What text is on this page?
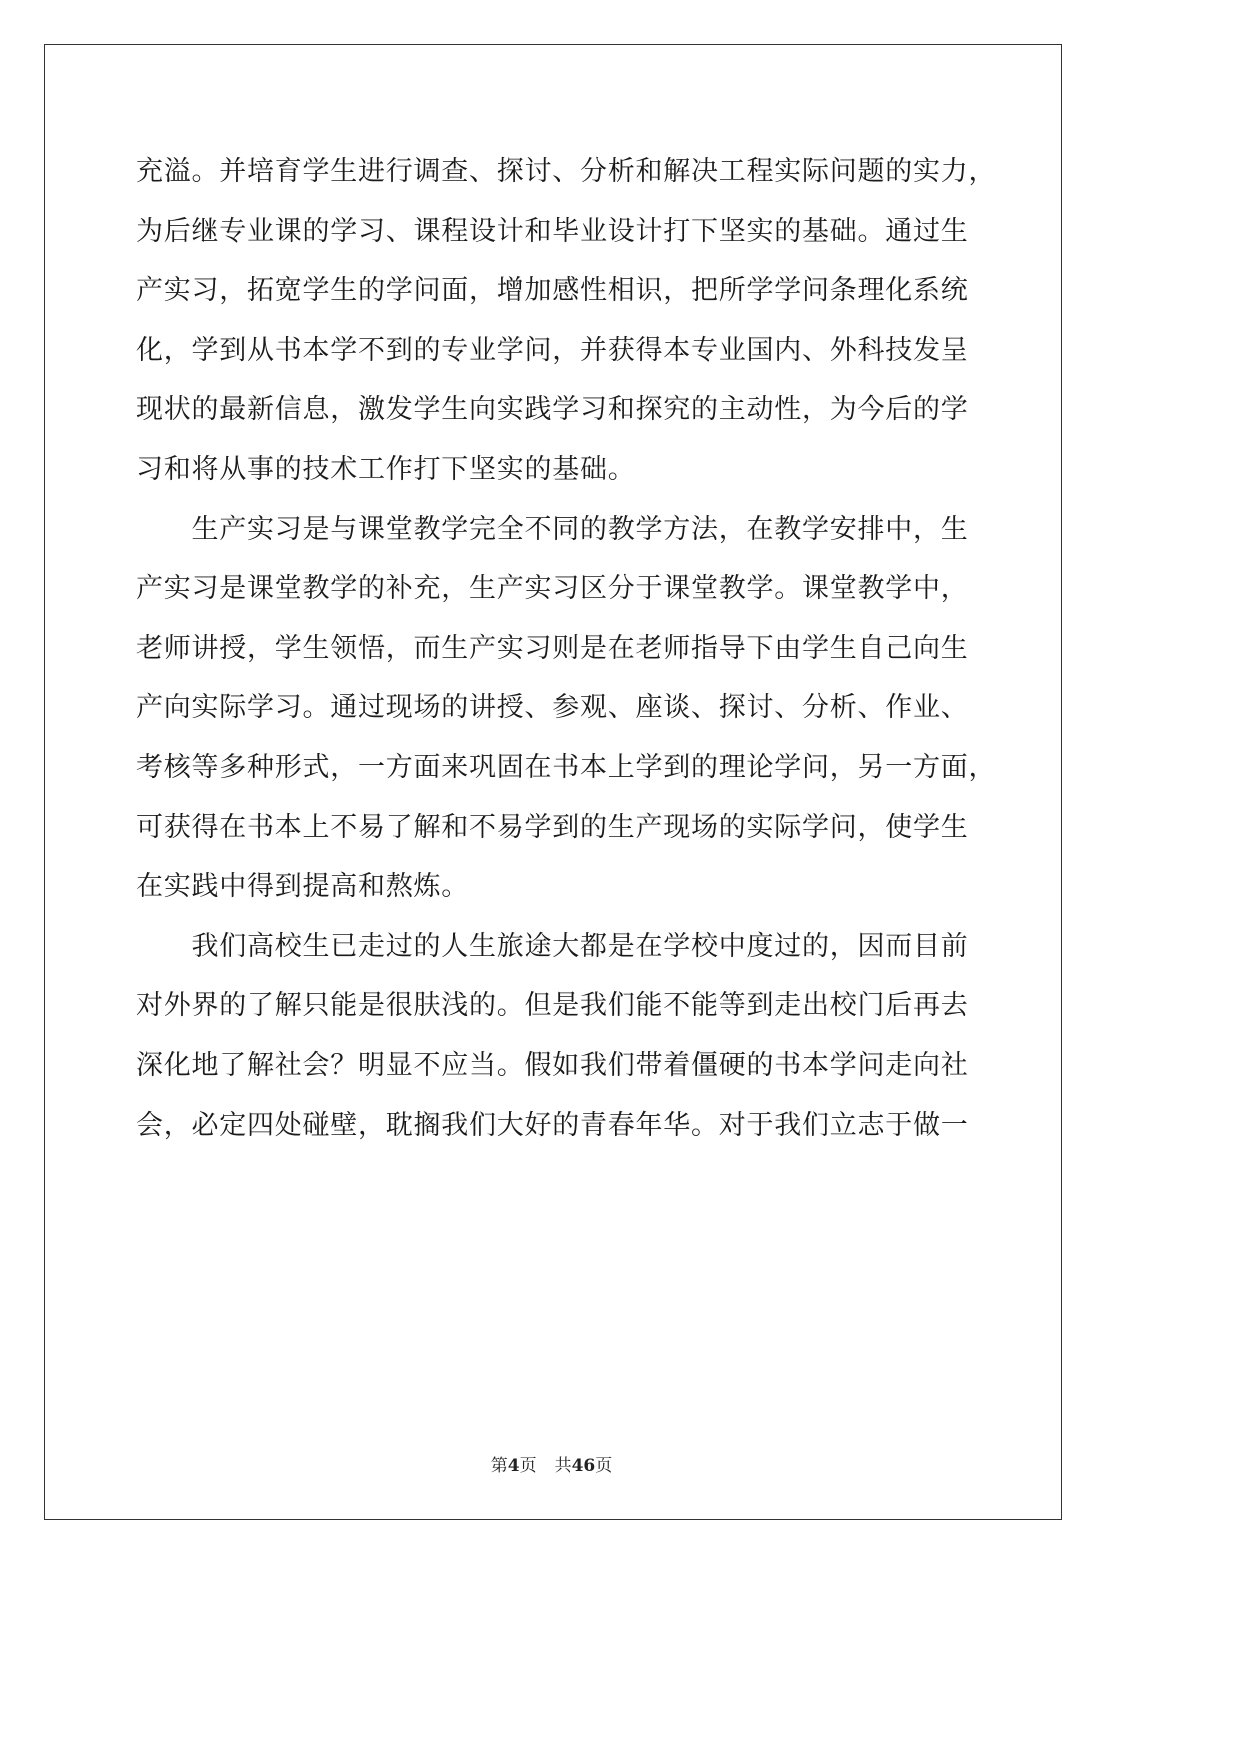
充溢。并培育学生进行调查、探讨、分析和解决工程实际问题的实力，
为后继专业课的学习、课程设计和毕业设计打下坚实的基础。通过生
产实习，拓宽学生的学问面，增加感性相识，把所学学问条理化系统
化，学到从书本学不到的专业学问，并获得本专业国内、外科技发呈
现状的最新信息，激发学生向实践学习和探究的主动性，为今后的学
习和将从事的技术工作打下坚实的基础。
　　生产实习是与课堂教学完全不同的教学方法，在教学安排中，生
产实习是课堂教学的补充，生产实习区分于课堂教学。课堂教学中，
老师讲授，学生领悟，而生产实习则是在老师指导下由学生自己向生
产向实际学习。通过现场的讲授、参观、座谈、探讨、分析、作业、
考核等多种形式，一方面来巩固在书本上学到的理论学问，另一方面，
可获得在书本上不易了解和不易学到的生产现场的实际学问，使学生
在实践中得到提高和熬炼。
　　我们高校生已走过的人生旅途大都是在学校中度过的，因而目前
对外界的了解只能是很肤浅的。但是我们能不能等到走出校门后再去
深化地了解社会？明显不应当。假如我们带着僵硬的书本学问走向社
会，必定四处碰壁，耽搁我们大好的青春年华。对于我们立志于做一
第4页 共46页
